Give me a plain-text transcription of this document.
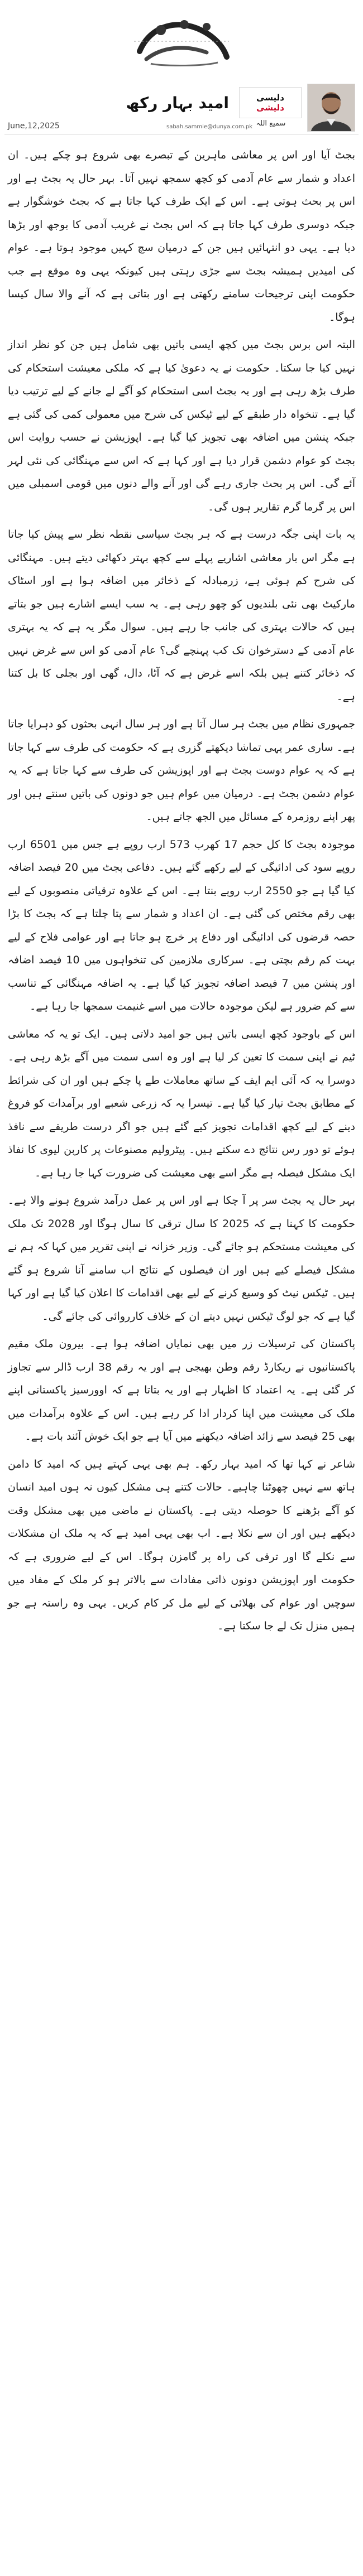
دلیسی
دلیشی
سمیع اللہ
امید بہار رکھ
June,12,2025	sabah.sammie@dunya.com.pk

بجٹ آیا اور اس پر معاشی ماہرین کے تبصرے بھی شروع ہو چکے ہیں۔ ان اعداد و شمار سے عام آدمی کو کچھ سمجھ نہیں آتا۔ بہر حال یہ بجٹ ہے اور اس پر بحث ہوتی ہے۔ اس کے ایک طرف کہا جاتا ہے کہ بجٹ خوشگوار ہے جبکہ دوسری طرف کہا جاتا ہے کہ اس بجٹ نے غریب آدمی کا بوجھ اور بڑھا دیا ہے۔ یہی دو انتہائیں ہیں جن کے درمیان سچ کہیں موجود ہوتا ہے۔ عوام کی امیدیں ہمیشہ بجٹ سے جڑی رہتی ہیں کیونکہ یہی وہ موقع ہے جب حکومت اپنی ترجیحات سامنے رکھتی ہے اور بتاتی ہے کہ آنے والا سال کیسا ہوگا۔

البتہ اس برس بجٹ میں کچھ ایسی باتیں بھی شامل ہیں جن کو نظر انداز نہیں کیا جا سکتا۔ حکومت نے یہ دعویٰ کیا ہے کہ ملکی معیشت استحکام کی طرف بڑھ رہی ہے اور یہ بجٹ اسی استحکام کو آگے لے جانے کے لیے ترتیب دیا گیا ہے۔ تنخواہ دار طبقے کے لیے ٹیکس کی شرح میں معمولی کمی کی گئی ہے جبکہ پنشن میں اضافہ بھی تجویز کیا گیا ہے۔ اپوزیشن نے حسب روایت اس بجٹ کو عوام دشمن قرار دیا ہے اور کہا ہے کہ اس سے مہنگائی کی نئی لہر آئے گی۔ اس پر بحث جاری رہے گی اور آنے والے دنوں میں قومی اسمبلی میں اس پر گرما گرم تقاریر ہوں گی۔

یہ بات اپنی جگہ درست ہے کہ ہر بجٹ سیاسی نقطہ نظر سے پیش کیا جاتا ہے مگر اس بار معاشی اشاریے پہلے سے کچھ بہتر دکھائی دیتے ہیں۔ مہنگائی کی شرح کم ہوئی ہے، زرمبادلہ کے ذخائر میں اضافہ ہوا ہے اور اسٹاک مارکیٹ بھی نئی بلندیوں کو چھو رہی ہے۔ یہ سب ایسے اشارے ہیں جو بتاتے ہیں کہ حالات بہتری کی جانب جا رہے ہیں۔ سوال مگر یہ ہے کہ یہ بہتری عام آدمی کے دسترخوان تک کب پہنچے گی؟ عام آدمی کو اس سے غرض نہیں کہ ذخائر کتنے ہیں بلکہ اسے غرض ہے کہ آٹا، دال، گھی اور بجلی کا بل کتنا ہے۔

جمہوری نظام میں بجٹ ہر سال آتا ہے اور ہر سال انہی بحثوں کو دہرایا جاتا ہے۔ ساری عمر یہی تماشا دیکھتے گزری ہے کہ حکومت کی طرف سے کہا جاتا ہے کہ یہ عوام دوست بجٹ ہے اور اپوزیشن کی طرف سے کہا جاتا ہے کہ یہ عوام دشمن بجٹ ہے۔ درمیان میں عوام ہیں جو دونوں کی باتیں سنتے ہیں اور پھر اپنے روزمرہ کے مسائل میں الجھ جاتے ہیں۔

موجودہ بجٹ کا کل حجم 17 کھرب 573 ارب روپے ہے جس میں 6501 ارب روپے سود کی ادائیگی کے لیے رکھے گئے ہیں۔ دفاعی بجٹ میں 20 فیصد اضافہ کیا گیا ہے جو 2550 ارب روپے بنتا ہے۔ اس کے علاوہ ترقیاتی منصوبوں کے لیے بھی رقم مختص کی گئی ہے۔ ان اعداد و شمار سے پتا چلتا ہے کہ بجٹ کا بڑا حصہ قرضوں کی ادائیگی اور دفاع پر خرچ ہو جاتا ہے اور عوامی فلاح کے لیے بہت کم رقم بچتی ہے۔ سرکاری ملازمین کی تنخواہوں میں 10 فیصد اضافہ اور پنشن میں 7 فیصد اضافہ تجویز کیا گیا ہے۔ یہ اضافہ مہنگائی کے تناسب سے کم ضرور ہے لیکن موجودہ حالات میں اسے غنیمت سمجھا جا رہا ہے۔

اس کے باوجود کچھ ایسی باتیں ہیں جو امید دلاتی ہیں۔ ایک تو یہ کہ معاشی ٹیم نے اپنی سمت کا تعین کر لیا ہے اور وہ اسی سمت میں آگے بڑھ رہی ہے۔ دوسرا یہ کہ آئی ایم ایف کے ساتھ معاملات طے پا چکے ہیں اور ان کی شرائط کے مطابق بجٹ تیار کیا گیا ہے۔ تیسرا یہ کہ زرعی شعبے اور برآمدات کو فروغ دینے کے لیے کچھ اقدامات تجویز کیے گئے ہیں جو اگر درست طریقے سے نافذ ہوئے تو دور رس نتائج دے سکتے ہیں۔ پیٹرولیم مصنوعات پر کاربن لیوی کا نفاذ ایک مشکل فیصلہ ہے مگر اسے بھی معیشت کی ضرورت کہا جا رہا ہے۔

بہر حال یہ بجٹ سر پر آ چکا ہے اور اس پر عمل درآمد شروع ہونے والا ہے۔ حکومت کا کہنا ہے کہ 2025 کا سال ترقی کا سال ہوگا اور 2028 تک ملک کی معیشت مستحکم ہو جائے گی۔ وزیر خزانہ نے اپنی تقریر میں کہا کہ ہم نے مشکل فیصلے کیے ہیں اور ان فیصلوں کے نتائج اب سامنے آنا شروع ہو گئے ہیں۔ ٹیکس نیٹ کو وسیع کرنے کے لیے بھی اقدامات کا اعلان کیا گیا ہے اور کہا گیا ہے کہ جو لوگ ٹیکس نہیں دیتے ان کے خلاف کارروائی کی جائے گی۔

پاکستان کی ترسیلات زر میں بھی نمایاں اضافہ ہوا ہے۔ بیرون ملک مقیم پاکستانیوں نے ریکارڈ رقم وطن بھیجی ہے اور یہ رقم 38 ارب ڈالر سے تجاوز کر گئی ہے۔ یہ اعتماد کا اظہار ہے اور یہ بتاتا ہے کہ اوورسیز پاکستانی اپنے ملک کی معیشت میں اپنا کردار ادا کر رہے ہیں۔ اس کے علاوہ برآمدات میں بھی 25 فیصد سے زائد اضافہ دیکھنے میں آیا ہے جو ایک خوش آئند بات ہے۔

شاعر نے کہا تھا کہ امید بہار رکھ۔ ہم بھی یہی کہتے ہیں کہ امید کا دامن ہاتھ سے نہیں چھوٹنا چاہیے۔ حالات کتنے ہی مشکل کیوں نہ ہوں امید انسان کو آگے بڑھنے کا حوصلہ دیتی ہے۔ پاکستان نے ماضی میں بھی مشکل وقت دیکھے ہیں اور ان سے نکلا ہے۔ اب بھی یہی امید ہے کہ یہ ملک ان مشکلات سے نکلے گا اور ترقی کی راہ پر گامزن ہوگا۔ اس کے لیے ضروری ہے کہ حکومت اور اپوزیشن دونوں ذاتی مفادات سے بالاتر ہو کر ملک کے مفاد میں سوچیں اور عوام کی بھلائی کے لیے مل کر کام کریں۔ یہی وہ راستہ ہے جو ہمیں منزل تک لے جا سکتا ہے۔
